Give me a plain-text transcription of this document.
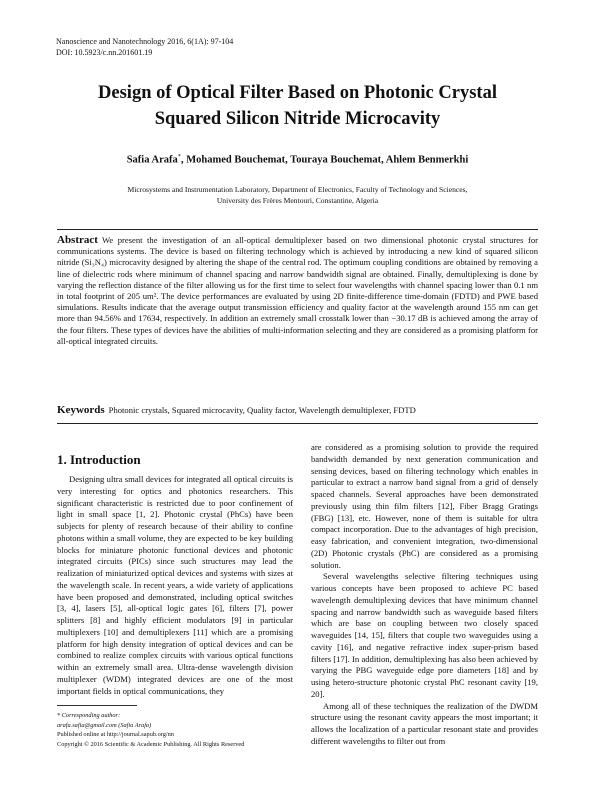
Nanoscience and Nanotechnology 2016, 6(1A): 97-104
DOI: 10.5923/c.nn.201601.19
Design of Optical Filter Based on Photonic Crystal
Squared Silicon Nitride Microcavity
Safia Arafa*, Mohamed Bouchemat, Touraya Bouchemat, Ahlem Benmerkhi
Microsystems and Instrumentation Laboratory, Department of Electronics, Faculty of Technology and Sciences,
University des Frères Mentouri, Constantine, Algeria
Abstract We present the investigation of an all-optical demultiplexer based on two dimensional photonic crystal structures for communications systems. The device is based on filtering technology which is achieved by introducing a new kind of squared silicon nitride (Si₃N₄) microcavity designed by altering the shape of the central rod. The optimum coupling conditions are obtained by removing a line of dielectric rods where minimum of channel spacing and narrow bandwidth signal are obtained. Finally, demultiplexing is done by varying the reflection distance of the filter allowing us for the first time to select four wavelengths with channel spacing lower than 0.1 nm in total footprint of 205 um². The device performances are evaluated by using 2D finite-difference time-domain (FDTD) and PWE based simulations. Results indicate that the average output transmission efficiency and quality factor at the wavelength around 155 nm can get more than 94.56% and 17634, respectively. In addition an extremely small crosstalk lower than −30.17 dB is achieved among the array of the four filters. These types of devices have the abilities of multi-information selecting and they are considered as a promising platform for all-optical integrated circuits.
Keywords Photonic crystals, Squared microcavity, Quality factor, Wavelength demultiplexer, FDTD
1. Introduction

Designing ultra small devices for integrated all optical circuits is very interesting for optics and photonics researchers. This significant characteristic is restricted due to poor confinement of light in small space [1, 2]. Photonic crystal (PhCs) have been subjects for plenty of research because of their ability to confine photons within a small volume, they are expected to be key building blocks for miniature photonic functional devices and photonic integrated circuits (PICs) since such structures may lead the realization of miniaturized optical devices and systems with sizes at the wavelength scale. In recent years, a wide variety of applications have been proposed and demonstrated, including optical switches [3, 4], lasers [5], all-optical logic gates [6], filters [7], power splitters [8] and highly efficient modulators [9] in particular multiplexers [10] and demultiplexers [11] which are a promising platform for high density integration of optical devices and can be combined to realize complex circuits with various optical functions within an extremely small area. Ultra-dense wavelength division multiplexer (WDM) integrated devices are one of the most important fields in optical communications, they

are considered as a promising solution to provide the required bandwidth demanded by next generation communication and sensing devices, based on filtering technology which enables in particular to extract a narrow band signal from a grid of densely spaced channels. Several approaches have been demonstrated previously using thin film filters [12], Fiber Bragg Gratings (FBG) [13], etc. However, none of them is suitable for ultra compact incorporation. Due to the advantages of high precision, easy fabrication, and convenient integration, two-dimensional (2D) Photonic crystals (PhC) are considered as a promising solution.

Several wavelengths selective filtering techniques using various concepts have been proposed to achieve PC based wavelength demultiplexing devices that have minimum channel spacing and narrow bandwidth such as waveguide based filters which are base on coupling between two closely spaced waveguides [14, 15], filters that couple two waveguides using a cavity [16], and negative refractive index super-prism based filters [17]. In addition, demultiplexing has also been achieved by varying the PBG waveguide edge pore diameters [18] and by using hetero-structure photonic crystal PhC resonant cavity [19, 20].

Among all of these techniques the realization of the DWDM structure using the resonant cavity appears the most important; it allows the localization of a particular resonant state and provides different wavelengths to filter out from

* Corresponding author:
arafa.safia@gmail.com (Safia Arafa)
Published online at http://journal.sapub.org/nn
Copyright © 2016 Scientific & Academic Publishing. All Rights Reserved
